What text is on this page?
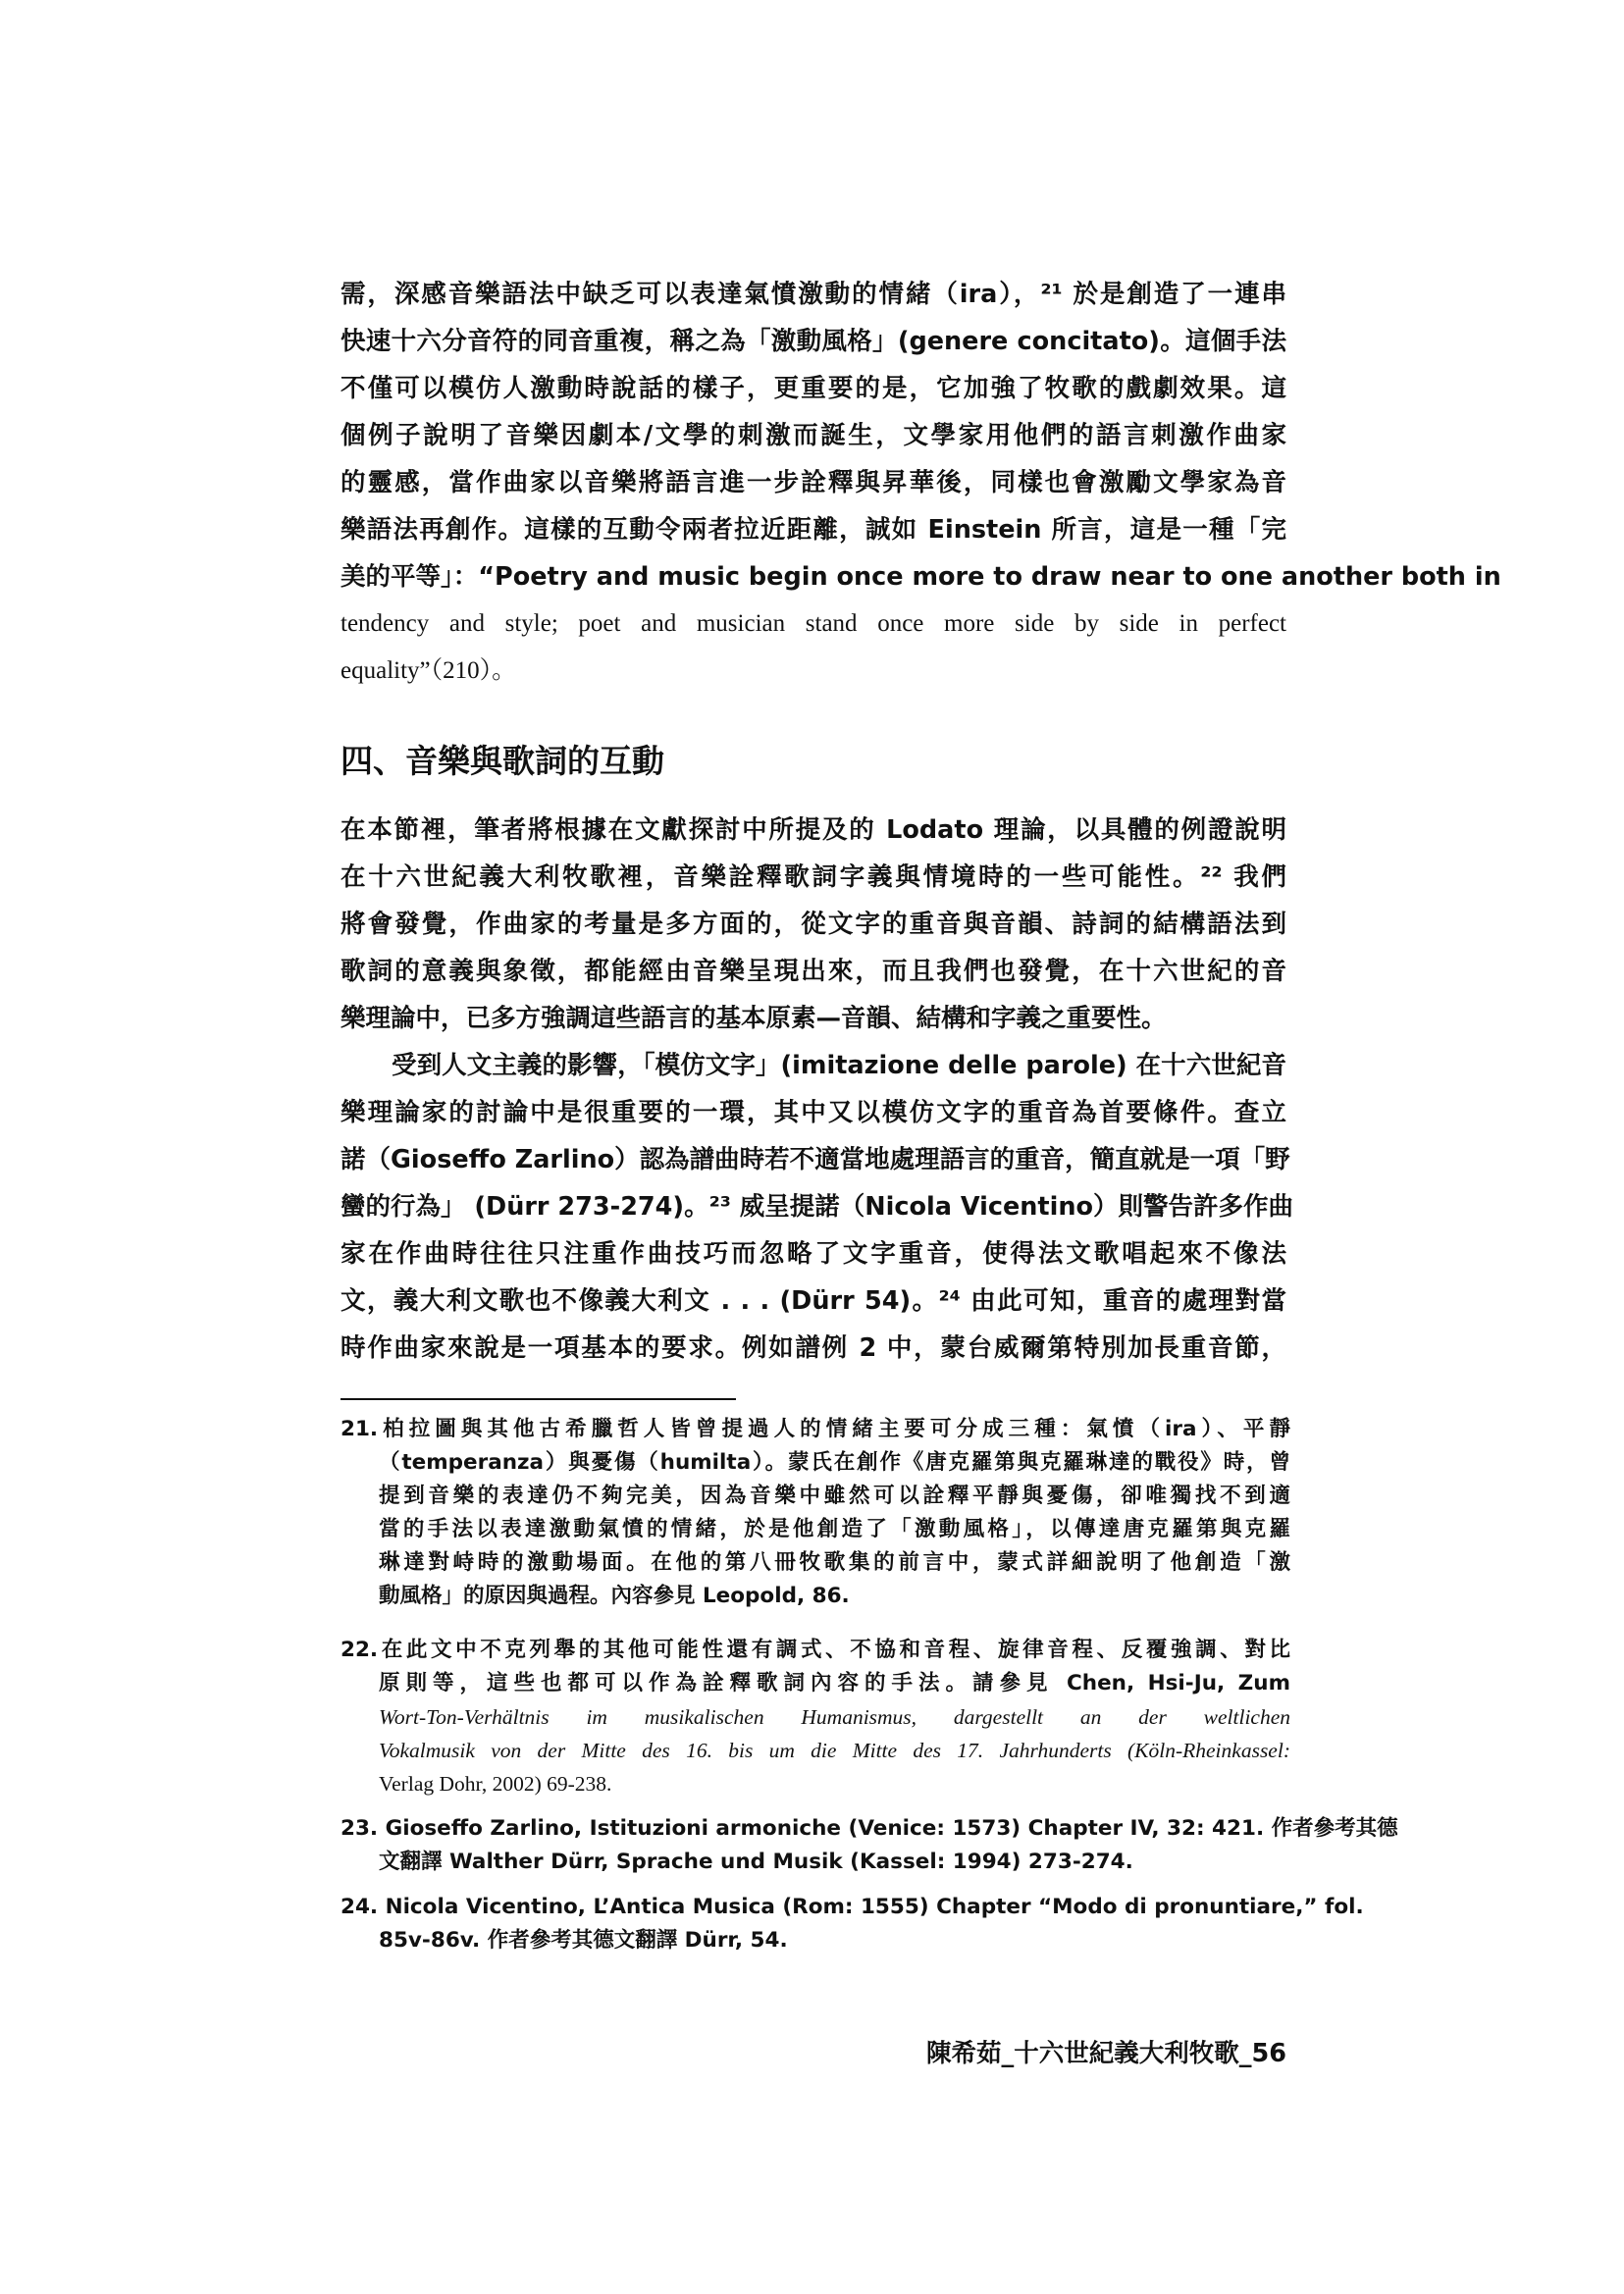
需，深感音樂語法中缺乏可以表達氣憤激動的情緒（ira），²¹ 於是創造了一連串
快速十六分音符的同音重複，稱之為「激動風格」(genere concitato)。這個手法
不僅可以模仿人激動時說話的樣子，更重要的是，它加強了牧歌的戲劇效果。這
個例子說明了音樂因劇本/文學的刺激而誕生，文學家用他們的語言刺激作曲家
的靈感，當作曲家以音樂將語言進一步詮釋與昇華後，同樣也會激勵文學家為音
樂語法再創作。這樣的互動令兩者拉近距離，誠如 Einstein 所言，這是一種「完
美的平等」：“Poetry and music begin once more to draw near to one another both in
tendency and style; poet and musician stand once more side by side in perfect
equality”（210）。
四、音樂與歌詞的互動
在本節裡，筆者將根據在文獻探討中所提及的 Lodato 理論，以具體的例證說明
在十六世紀義大利牧歌裡，音樂詮釋歌詞字義與情境時的一些可能性。²² 我們
將會發覺，作曲家的考量是多方面的，從文字的重音與音韻、詩詞的結構語法到
歌詞的意義與象徵，都能經由音樂呈現出來，而且我們也發覺，在十六世紀的音
樂理論中，已多方強調這些語言的基本原素—音韻、結構和字義之重要性。
受到人文主義的影響，「模仿文字」(imitazione delle parole) 在十六世紀音
樂理論家的討論中是很重要的一環，其中又以模仿文字的重音為首要條件。查立
諾（Gioseffo Zarlino）認為譜曲時若不適當地處理語言的重音，簡直就是一項「野
蠻的行為」 (Dürr 273-274)。²³ 威呈提諾（Nicola Vicentino）則警告許多作曲
家在作曲時往往只注重作曲技巧而忽略了文字重音，使得法文歌唱起來不像法
文，義大利文歌也不像義大利文 . . . (Dürr 54)。²⁴ 由此可知，重音的處理對當
時作曲家來說是一項基本的要求。例如譜例 2 中，蒙台威爾第特別加長重音節，
21.柏拉圖與其他古希臘哲人皆曾提過人的情緒主要可分成三種：氣憤（ira）、平靜
（temperanza）與憂傷（humilta）。蒙氏在創作《唐克羅第與克羅琳達的戰役》時，曾
提到音樂的表達仍不夠完美，因為音樂中雖然可以詮釋平靜與憂傷，卻唯獨找不到適
當的手法以表達激動氣憤的情緒，於是他創造了「激動風格」，以傳達唐克羅第與克羅
琳達對峙時的激動場面。在他的第八冊牧歌集的前言中，蒙式詳細說明了他創造「激
動風格」的原因與過程。內容參見 Leopold, 86.
22.在此文中不克列舉的其他可能性還有調式、不協和音程、旋律音程、反覆強調、對比
原則等，這些也都可以作為詮釋歌詞內容的手法。請參見 Chen, Hsi-Ju, Zum
Wort-Ton-Verhältnis im musikalischen Humanismus, dargestellt an der weltlichen
Vokalmusik von der Mitte des 16. bis um die Mitte des 17. Jahrhunderts (Köln-Rheinkassel:
Verlag Dohr, 2002) 69-238.
23. Gioseffo Zarlino, Istituzioni armoniche (Venice: 1573) Chapter IV, 32: 421. 作者參考其德
文翻譯 Walther Dürr, Sprache und Musik (Kassel: 1994) 273-274.
24. Nicola Vicentino, L’Antica Musica (Rom: 1555) Chapter “Modo di pronuntiare,” fol.
85v-86v. 作者參考其德文翻譯 Dürr, 54.
陳希茹_十六世紀義大利牧歌_56
